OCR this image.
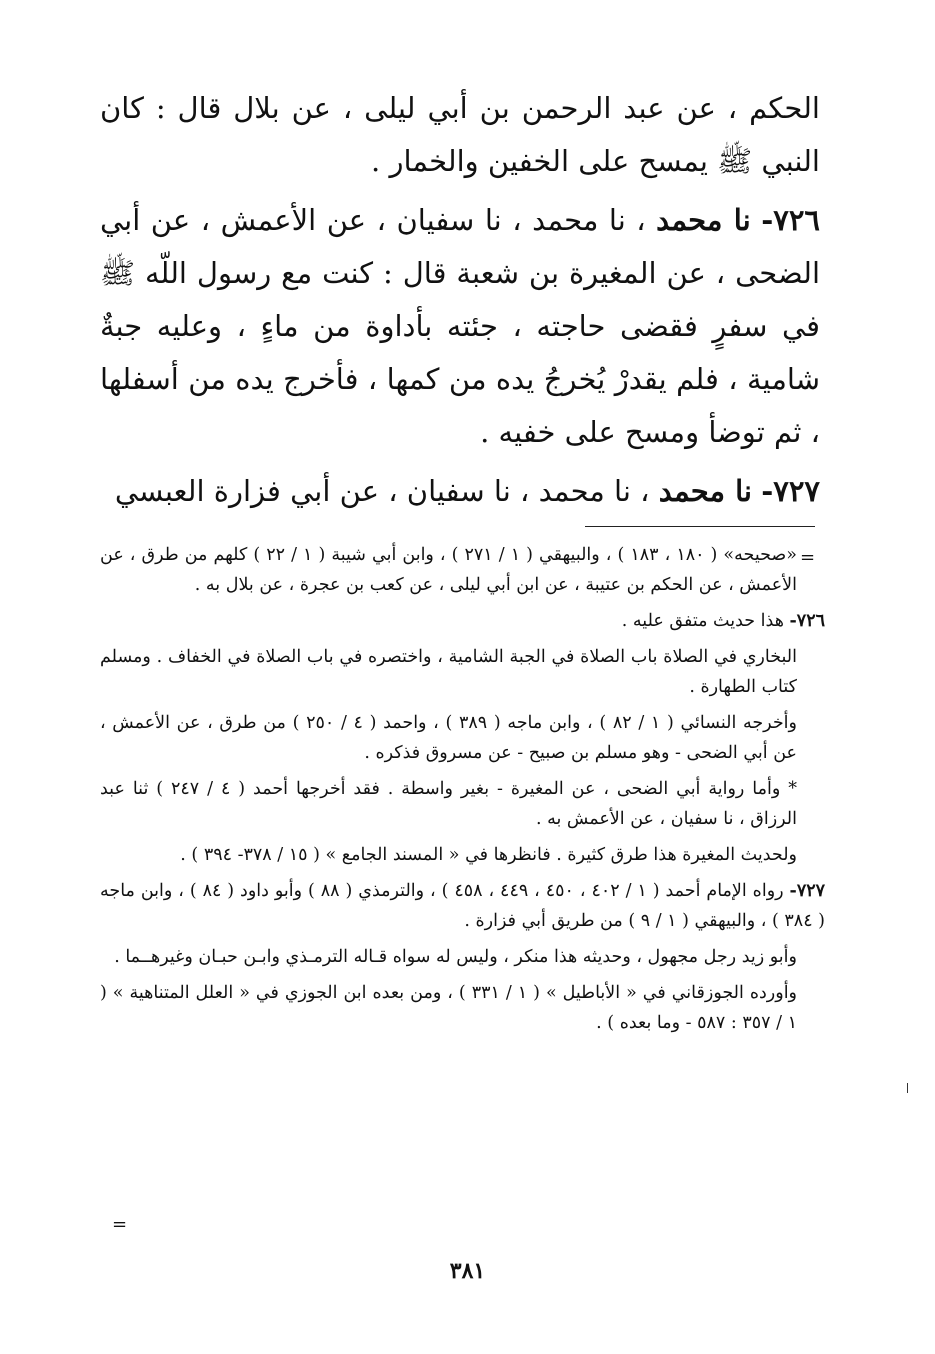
الحكم ، عن عبد الرحمن بن أبي ليلى ، عن بلال قال : كان النبي ﷺ يمسح على الخفين والخمار .

٧٢٦- نا محمد ، نا محمد ، نا سفيان ، عن الأعمش ، عن أبي الضحى ، عن المغيرة بن شعبة قال : كنت مع رسول اللّه ﷺ في سفرٍ فقضى حاجته ، جئته بأداوة من ماءٍ ، وعليه جبةٌ شامية ، فلم يقدرْ يُخرجُ يده من كمها ، فأخرج يده من أسفلها ، ثم توضأ ومسح على خفيه .

٧٢٧- نا محمد ، نا محمد ، نا سفيان ، عن أبي فزارة العبسي

=

«صحيحه» ( ١٨٠ ، ١٨٣ ) ، والبيهقي ( ١ / ٢٧١ ) ، وابن أبي شيبة ( ١ / ٢٢ ) كلهم من طرق ، عن الأعمش ، عن الحكم بن عتيبة ، عن ابن أبي ليلى ، عن كعب بن عجرة ، عن بلال به .

٧٢٦- هذا حديث متفق عليه .

البخاري في الصلاة باب الصلاة في الجبة الشامية ، واختصره في باب الصلاة في الخفاف . ومسلم كتاب الطهارة .

وأخرجه النسائي ( ١ / ٨٢ ) ، وابن ماجه ( ٣٨٩ ) ، واحمد ( ٤ / ٢٥٠ ) من طرق ، عن الأعمش ، عن أبي الضحى - وهو مسلم بن صبيح - عن مسروق فذكره .

* وأما رواية أبي الضحى ، عن المغيرة - بغير واسطة . فقد أخرجها أحمد ( ٤ / ٢٤٧ ) ثنا عبد الرزاق ، نا سفيان ، عن الأعمش به .

ولحديث المغيرة هذا طرق كثيرة . فانظرها في « المسند الجامع » ( ١٥ / ٣٧٨- ٣٩٤ ) .

٧٢٧- رواه الإمام أحمد ( ١ / ٤٠٢ ، ٤٥٠ ، ٤٤٩ ، ٤٥٨ ) ، والترمذي ( ٨٨ ) وأبو داود ( ٨٤ ) ، وابن ماجه ( ٣٨٤ ) ، والبيهقي ( ١ / ٩ ) من طريق أبي فزارة .

وأبو زيد رجل مجهول ، وحديثه هذا منكر ، وليس له سواه قـاله الترمـذي وابـن حبـان وغيرهــما .

وأورده الجوزقاني في « الأباطيل » ( ١ / ٣٣١ ) ، ومن بعده ابن الجوزي في « العلل المتناهية » ( ١ / ٣٥٧ : ٥٨٧ - وما بعده ) .

=
٣٨١
